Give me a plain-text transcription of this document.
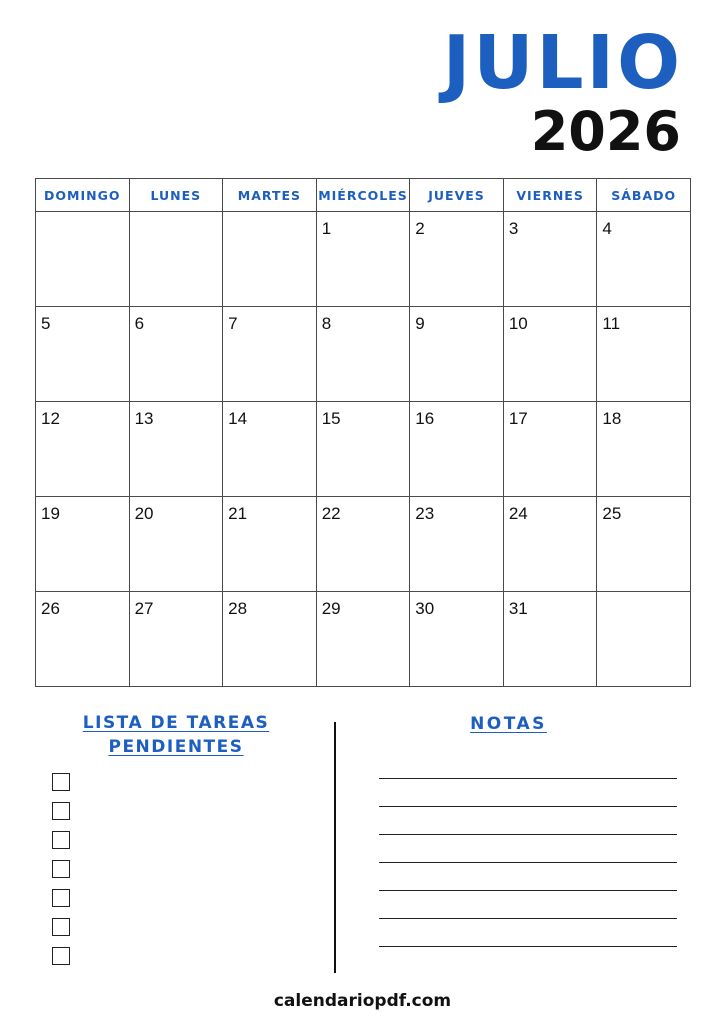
JULIO
2026
DOMINGO	LUNES	MARTES	MIÉRCOLES	JUEVES	VIERNES	SÁBADO

			1	2	3	4

5	6	7	8	9	10	11

12	13	14	15	16	17	18

19	20	21	22	23	24	25

26	27	28	29	30	31	

LISTA DE TAREAS
PENDIENTES
NOTAS
calendariopdf.com
